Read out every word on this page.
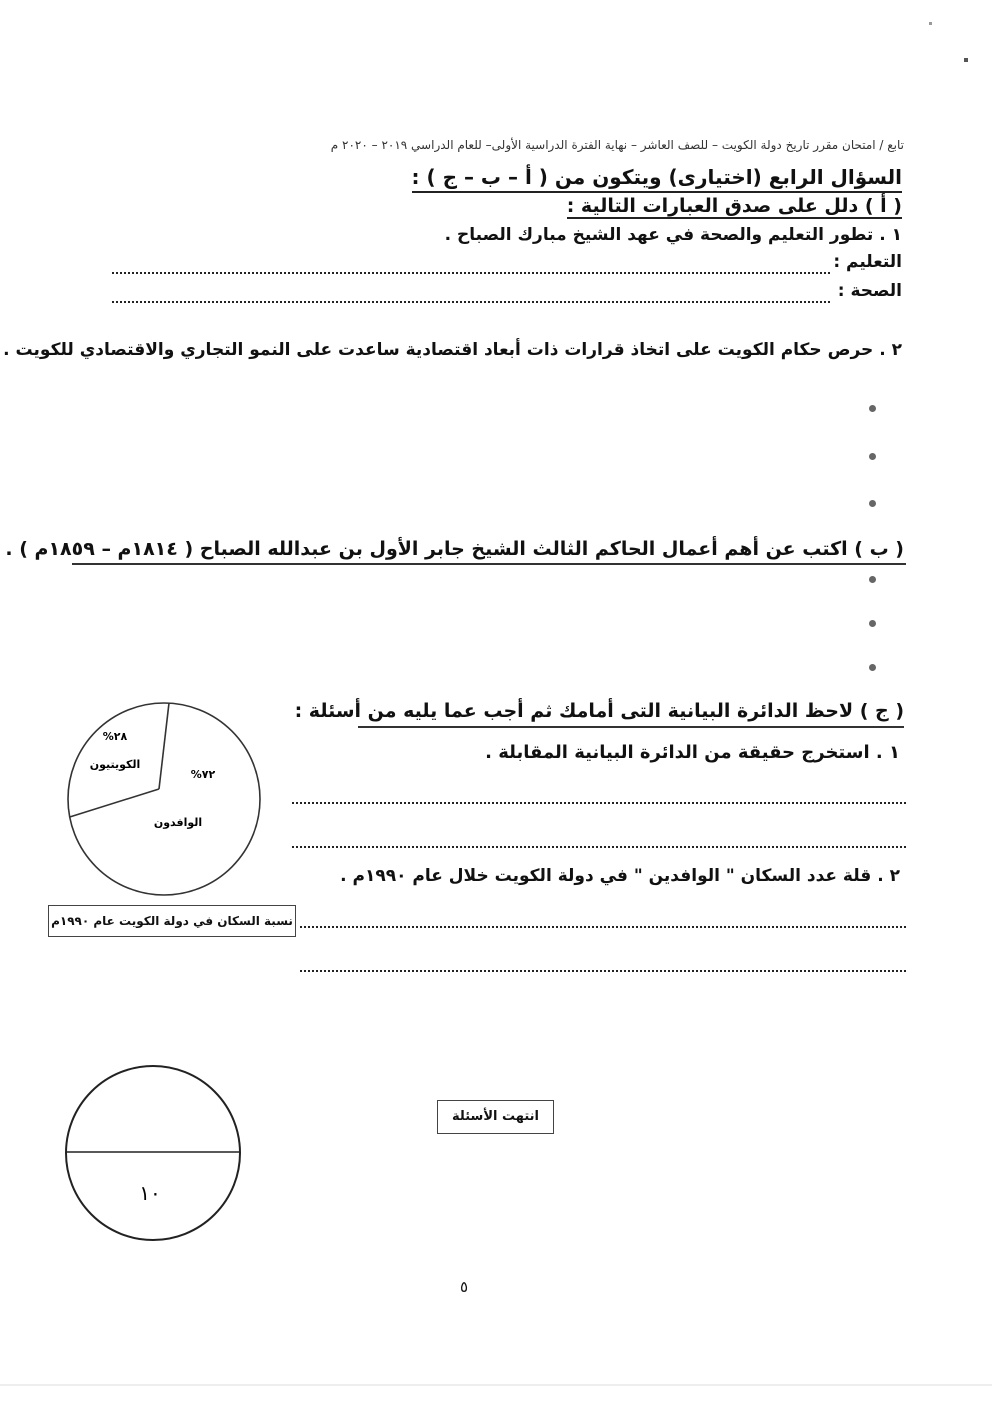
تابع / امتحان مقرر تاريخ دولة الكويت – للصف العاشر – نهاية الفترة الدراسية الأولى– للعام الدراسي ٢٠١٩ – ٢٠٢٠ م
السؤال الرابع (اختيارى) ويتكون من ( أ – ب – ج ) :
( أ ) دلل على صدق العبارات التالية :
١ . تطور التعليم والصحة في عهد الشيخ مبارك الصباح .
التعليم :
الصحة :
٢ . حرص حكام الكويت على اتخاذ قرارات ذات أبعاد اقتصادية ساعدت على النمو التجاري والاقتصادي للكويت .
( ب ) اكتب عن أهم أعمال الحاكم الثالث الشيخ جابر الأول بن عبدالله الصباح ( ١٨١٤م – ١٨٥٩م ) .
( ج ) لاحظ الدائرة البيانية التى أمامك ثم أجب عما يليه من أسئلة :
١ . استخرج حقيقة من الدائرة البيانية المقابلة .
٢ . قلة عدد السكان " الوافدين " في دولة الكويت خلال عام ١٩٩٠م .
%٢٨
الكويتيون
%٧٢
الوافدون
نسبة السكان في دولة الكويت عام ١٩٩٠م
١٠
انتهت الأسئلة
٥
